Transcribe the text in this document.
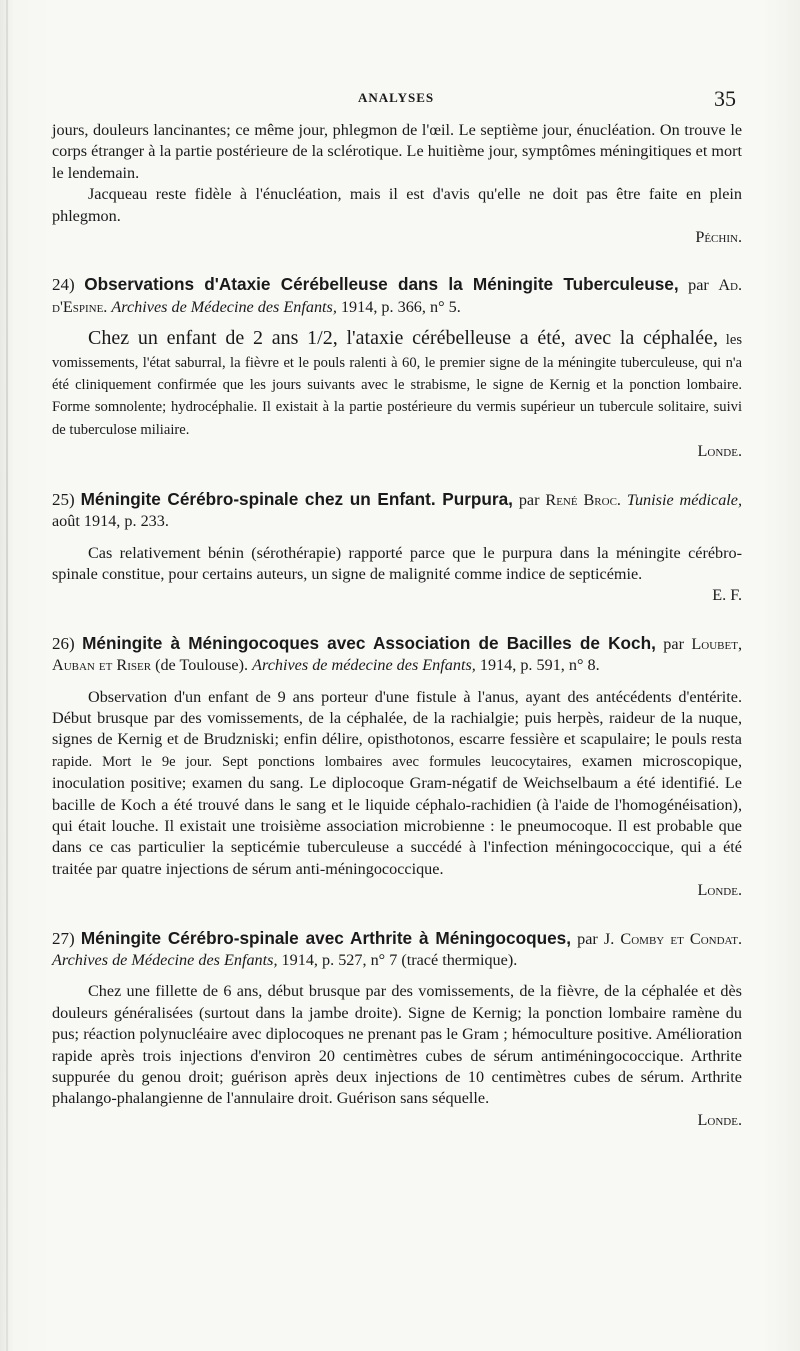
ANALYSES	35

jours, douleurs lancinantes; ce même jour, phlegmon de l'œil. Le septième jour, énucléation. On trouve le corps étranger à la partie postérieure de la sclérotique. Le huitième jour, symptômes méningitiques et mort le lendemain.

Jacqueau reste fidèle à l'énucléation, mais il est d'avis qu'elle ne doit pas être faite en plein phlegmon.

Péchin.

24) Observations d'Ataxie Cérébelleuse dans la Méningite Tuberculeuse, par Ad. d'Espine. Archives de Médecine des Enfants, 1914, p. 366, n° 5.

Chez un enfant de 2 ans 1/2, l'ataxie cérébelleuse a été, avec la céphalée, les vomissements, l'état saburral, la fièvre et le pouls ralenti à 60, le premier signe de la méningite tuberculeuse, qui n'a été cliniquement confirmée que les jours suivants avec le strabisme, le signe de Kernig et la ponction lombaire. Forme somnolente; hydrocéphalie. Il existait à la partie postérieure du vermis supérieur un tubercule solitaire, suivi de tuberculose miliaire.

Londe.

25) Méningite Cérébro-spinale chez un Enfant. Purpura, par René Broc. Tunisie médicale, août 1914, p. 233.

Cas relativement bénin (sérothérapie) rapporté parce que le purpura dans la méningite cérébro-spinale constitue, pour certains auteurs, un signe de malignité comme indice de septicémie.

E. F.

26) Méningite à Méningocoques avec Association de Bacilles de Koch, par Loubet, Auban et Riser (de Toulouse). Archives de médecine des Enfants, 1914, p. 591, n° 8.

Observation d'un enfant de 9 ans porteur d'une fistule à l'anus, ayant des antécédents d'entérite. Début brusque par des vomissements, de la céphalée, de la rachialgie; puis herpès, raideur de la nuque, signes de Kernig et de Brudzniski; enfin délire, opisthotonos, escarre fessière et scapulaire; le pouls resta rapide. Mort le 9e jour. Sept ponctions lombaires avec formules leucocytaires, examen microscopique, inoculation positive; examen du sang. Le diplocoque Gram-négatif de Weichselbaum a été identifié. Le bacille de Koch a été trouvé dans le sang et le liquide céphalo-rachidien (à l'aide de l'homogénéisation), qui était louche. Il existait une troisième association microbienne : le pneumocoque. Il est probable que dans ce cas particulier la septicémie tuberculeuse a succédé à l'infection méningococcique, qui a été traitée par quatre injections de sérum anti-méningococcique.

Londe.

27) Méningite Cérébro-spinale avec Arthrite à Méningocoques, par J. Comby et Condat. Archives de Médecine des Enfants, 1914, p. 527, n° 7 (tracé thermique).

Chez une fillette de 6 ans, début brusque par des vomissements, de la fièvre, de la céphalée et dès douleurs généralisées (surtout dans la jambe droite). Signe de Kernig; la ponction lombaire ramène du pus; réaction polynucléaire avec diplocoques ne prenant pas le Gram ; hémoculture positive. Amélioration rapide après trois injections d'environ 20 centimètres cubes de sérum antiméningococcique. Arthrite suppurée du genou droit; guérison après deux injections de 10 centimètres cubes de sérum. Arthrite phalango-phalangienne de l'annulaire droit. Guérison sans séquelle.

Londe.
